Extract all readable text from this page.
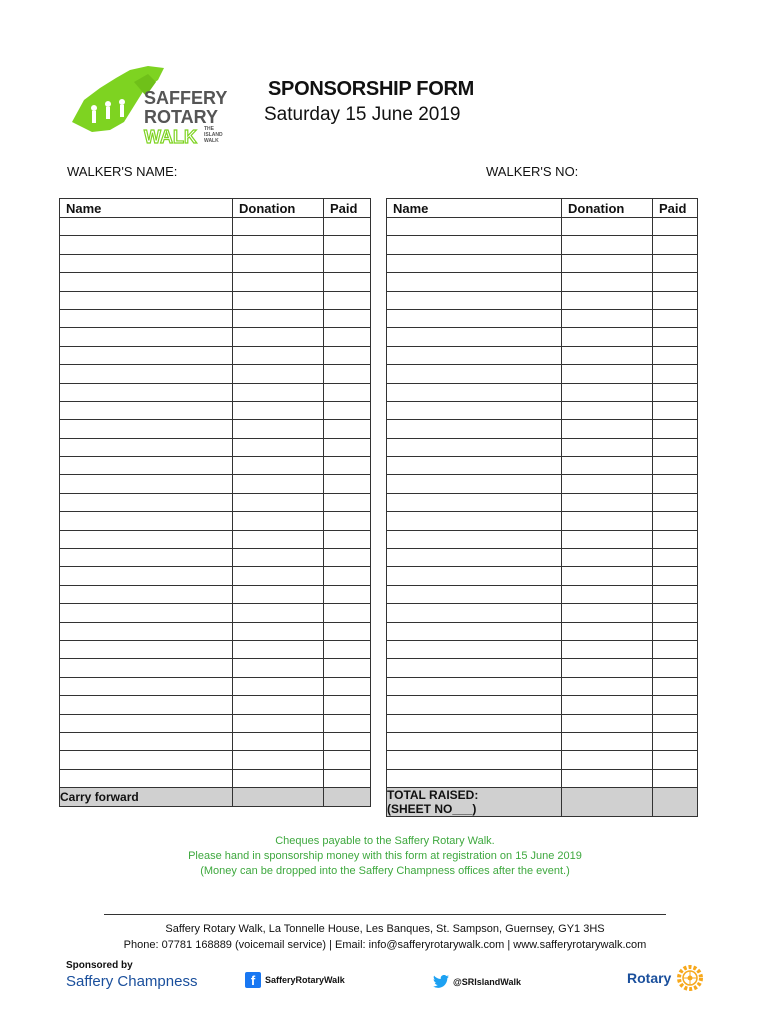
SAFFERY
ROTARY
WALK THE
ISLAND
WALK
SPONSORSHIP FORM
Saturday 15 June 2019
WALKER'S NAME:	WALKER'S NO:
Name	Donation	Paid

Carry forward		
Name	Donation	Paid

TOTAL RAISED:
(SHEET NO___)		
Cheques payable to the Saffery Rotary Walk.
Please hand in sponsorship money with this form at registration on 15 June 2019
(Money can be dropped into the Saffery Champness offices after the event.)
Saffery Rotary Walk, La Tonnelle House, Les Banques, St. Sampson, Guernsey, GY1 3HS
Phone: 07781 168889 (voicemail service) | Email: info@safferyrotarywalk.com | www.safferyrotarywalk.com
Sponsored by
Saffery Champness	f	SafferyRotaryWalk	@SRIslandWalk	Rotary
